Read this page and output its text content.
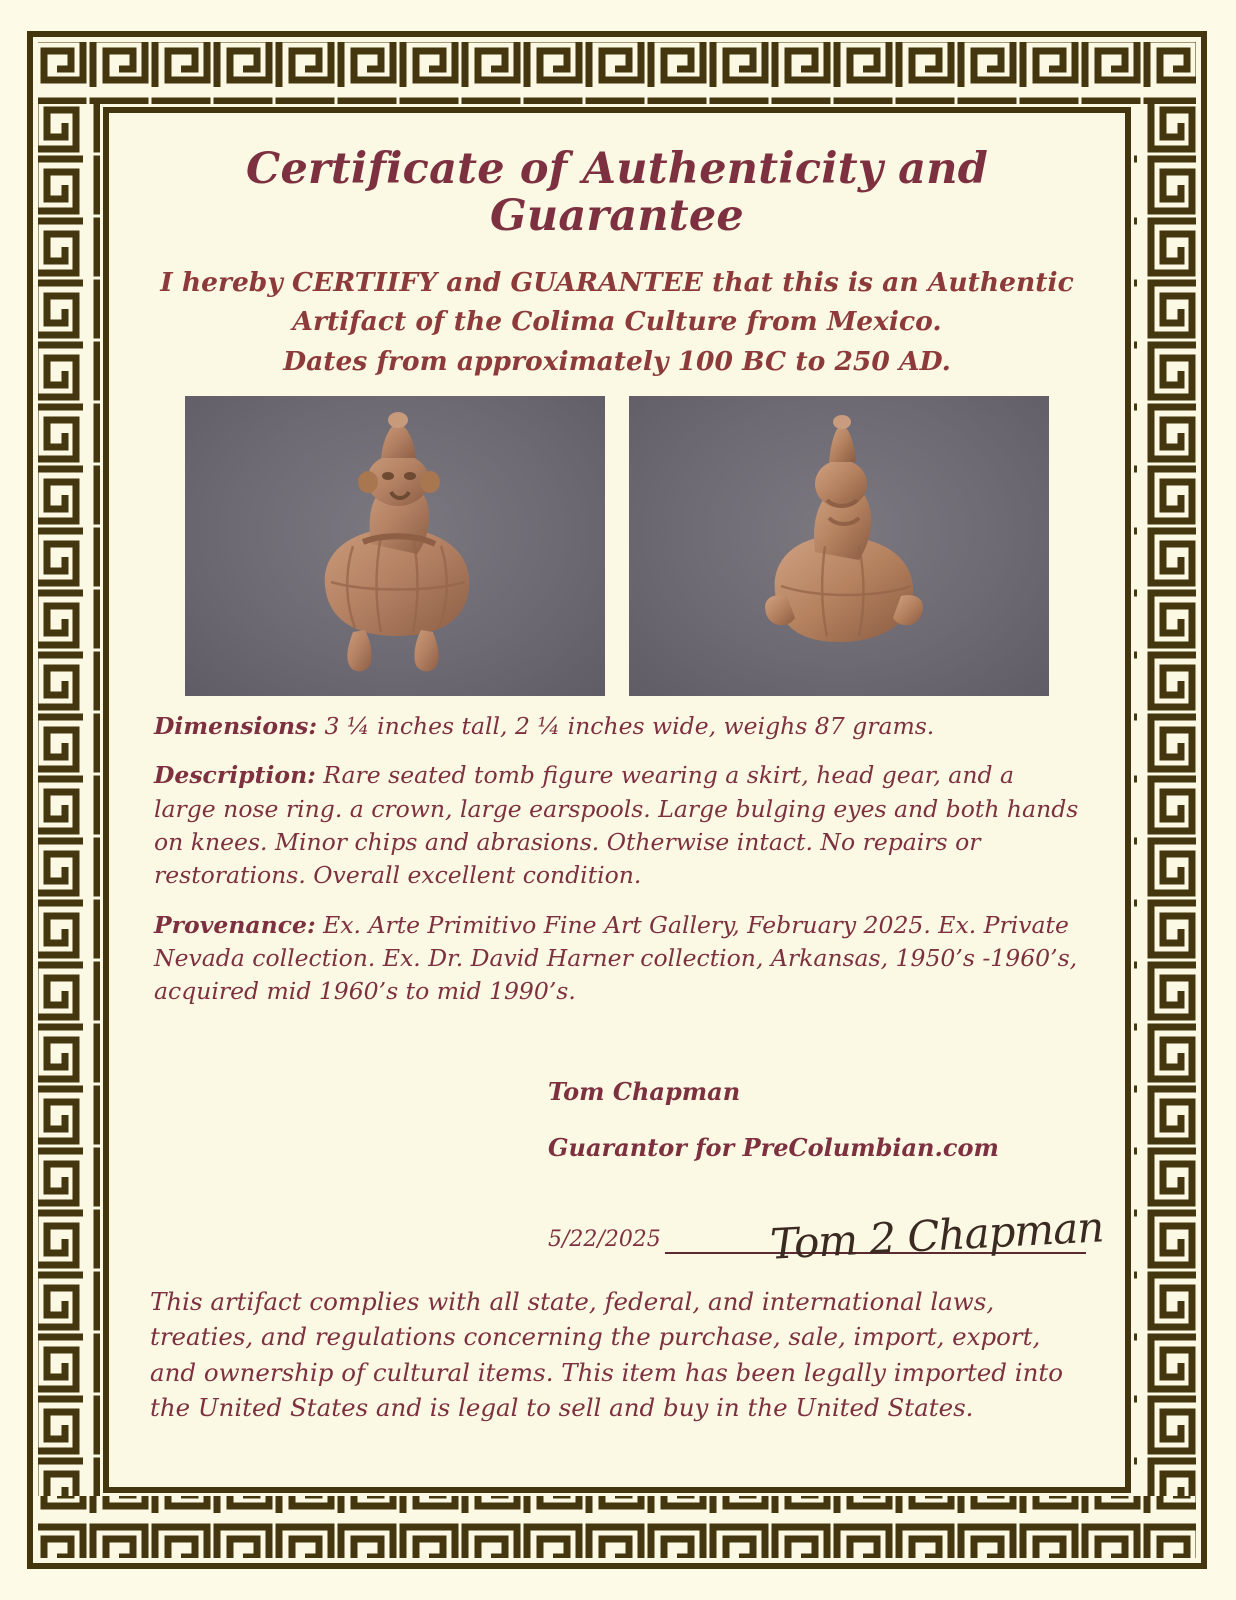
Certificate of Authenticity and Guarantee
I hereby CERTIIFY and GUARANTEE that this is an Authentic
Artifact of the Colima Culture from Mexico.
Dates from approximately 100 BC to 250 AD.

Dimensions: 3 ¼ inches tall, 2 ¼ inches wide, weighs 87 grams.

Description: Rare seated tomb figure wearing a skirt, head gear, and a large nose ring. a crown, large earspools. Large bulging eyes and both hands on knees. Minor chips and abrasions. Otherwise intact. No repairs or restorations. Overall excellent condition.

Provenance: Ex. Arte Primitivo Fine Art Gallery, February 2025. Ex. Private Nevada collection. Ex. Dr. David Harner collection, Arkansas, 1950’s -1960’s, acquired mid 1960’s to mid 1990’s.

Tom Chapman
Guarantor for PreColumbian.com
5/22/2025	Tom 2 Chapman
This artifact complies with all state, federal, and international laws, treaties, and regulations concerning the purchase, sale, import, export, and ownership of cultural items. This item has been legally imported into the United States and is legal to sell and buy in the United States.
